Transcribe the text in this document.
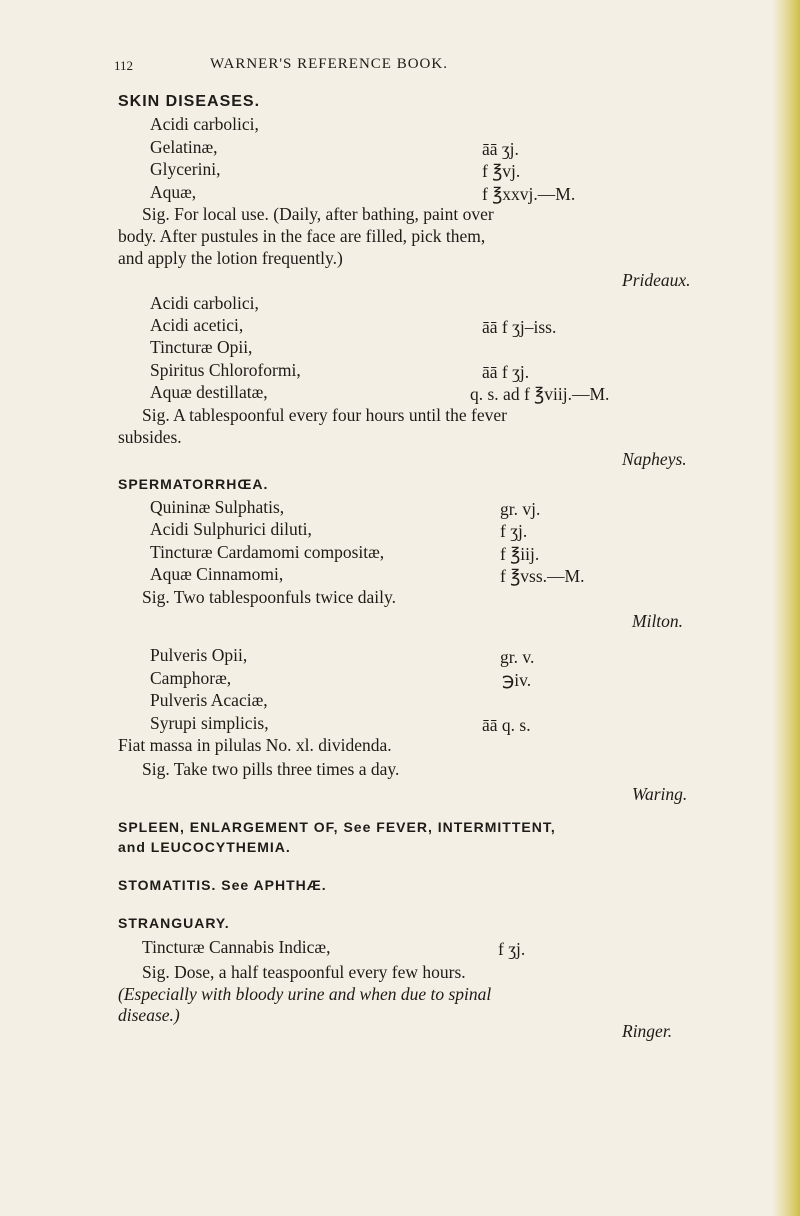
112	WARNER'S REFERENCE BOOK.
SKIN DISEASES.
Acidi carbolici,
Gelatinæ,	āā ʒj.
Glycerini,	f ℥vj.
Aquæ,	f ℥xxvj.—M.
Sig. For local use. (Daily, after bathing, paint over
body. After pustules in the face are filled, pick them,
and apply the lotion frequently.)
Prideaux.
Acidi carbolici,
Acidi acetici,	āā f ʒj–iss.
Tincturæ Opii,
Spiritus Chloroformi,	āā f ʒj.
Aquæ destillatæ,	q. s. ad f ℥viij.—M.
Sig. A tablespoonful every four hours until the fever
subsides.
Napheys.
SPERMATORRHŒA.
Quininæ Sulphatis,	gr. vj.
Acidi Sulphurici diluti,	f ʒj.
Tincturæ Cardamomi compositæ,	f ℥iij.
Aquæ Cinnamomi,	f ℥vss.—M.
Sig. Two tablespoonfuls twice daily.
Milton.
Pulveris Opii,	gr. v.
Camphoræ,	℈iv.
Pulveris Acaciæ,
Syrupi simplicis,	āā q. s.
Fiat massa in pilulas No. xl. dividenda.
Sig. Take two pills three times a day.
Waring.
SPLEEN, ENLARGEMENT OF, See FEVER, INTERMITTENT,
and LEUCOCYTHEMIA.
STOMATITIS. See APHTHÆ.
STRANGUARY.
Tincturæ Cannabis Indicæ,	f ʒj.
Sig. Dose, a half teaspoonful every few hours.
(Especially with bloody urine and when due to spinal
disease.)
Ringer.
